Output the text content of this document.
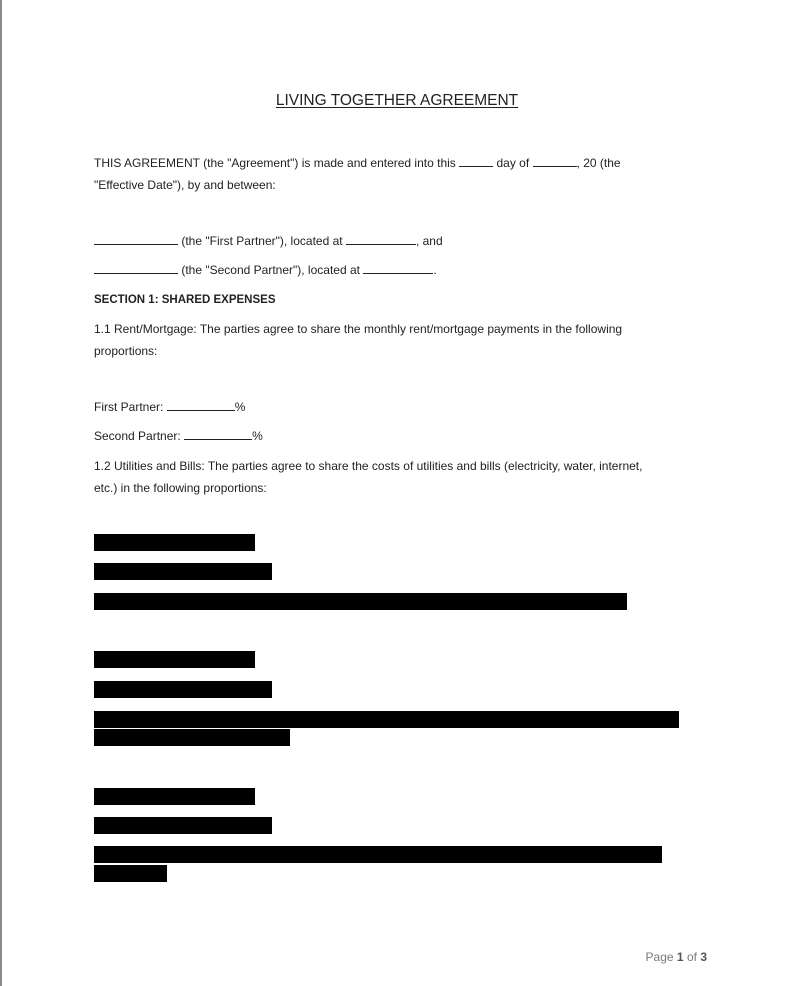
LIVING TOGETHER AGREEMENT
THIS AGREEMENT (the "Agreement") is made and entered into this	day of	, 20 (the
"Effective Date"), by and between:
(the "First Partner"), located at	, and
(the "Second Partner"), located at	.
SECTION 1: SHARED EXPENSES
1.1 Rent/Mortgage: The parties agree to share the monthly rent/mortgage payments in the following
proportions:
First Partner:	%
Second Partner:	%
1.2 Utilities and Bills: The parties agree to share the costs of utilities and bills (electricity, water, internet,
etc.) in the following proportions:
Page 1 of 3
